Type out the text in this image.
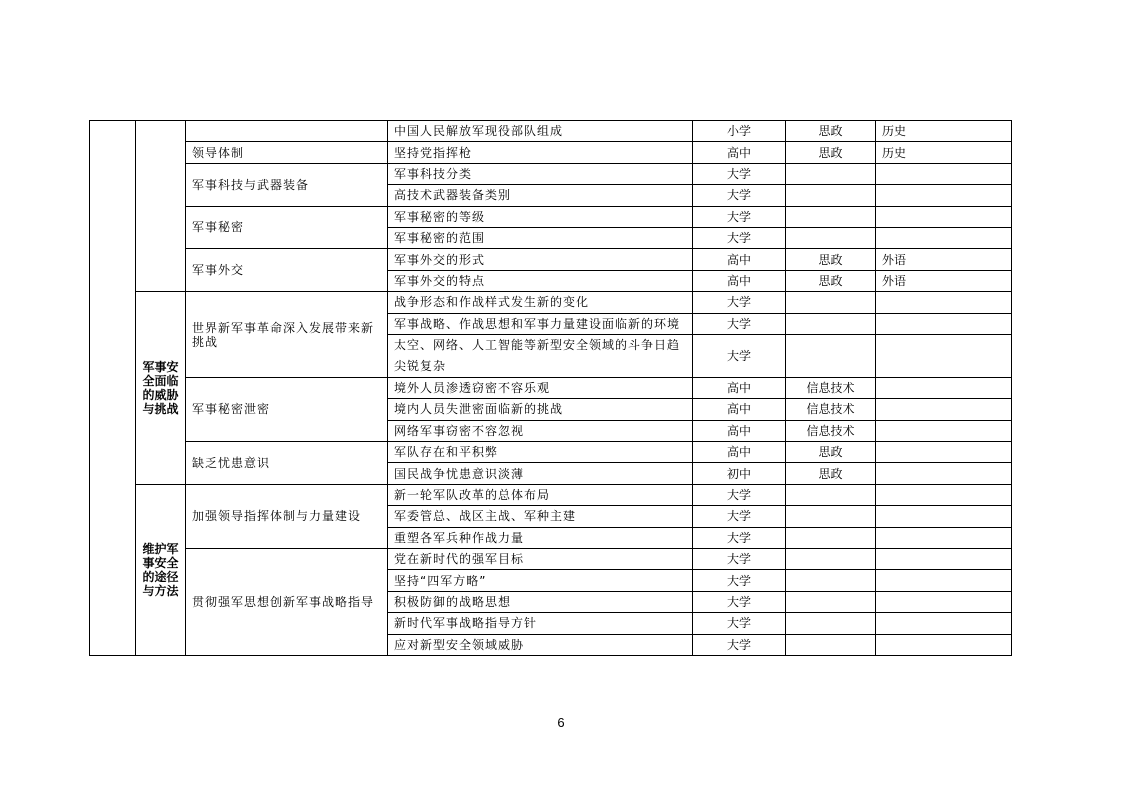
			中国人民解放军现役部队组成	小学	思政	历史
		领导体制	坚持党指挥枪	高中	思政	历史
		军事科技与武器装备	军事科技分类	大学		
			高技术武器装备类别	大学		
		军事秘密	军事秘密的等级	大学		
			军事秘密的范围	大学		
		军事外交	军事外交的形式	高中	思政	外语
			军事外交的特点	高中	思政	外语
	军事安全面临的威胁与挑战	世界新军事革命深入发展带来新挑战	战争形态和作战样式发生新的变化	大学		
			军事战略、作战思想和军事力量建设面临新的环境	大学		
			太空、网络、人工智能等新型安全领域的斗争日趋尖锐复杂	大学		
		军事秘密泄密	境外人员渗透窃密不容乐观	高中	信息技术	
			境内人员失泄密面临新的挑战	高中	信息技术	
			网络军事窃密不容忽视	高中	信息技术	
		缺乏忧患意识	军队存在和平积弊	高中	思政	
			国民战争忧患意识淡薄	初中	思政	
	维护军事安全的途径与方法	加强领导指挥体制与力量建设	新一轮军队改革的总体布局	大学		
			军委管总、战区主战、军种主建	大学		
			重塑各军兵种作战力量	大学		
		贯彻强军思想创新军事战略指导	党在新时代的强军目标	大学		
			坚持“四军方略”	大学		
			积极防御的战略思想	大学		
			新时代军事战略指导方针	大学		
			应对新型安全领域威胁	大学		
6
